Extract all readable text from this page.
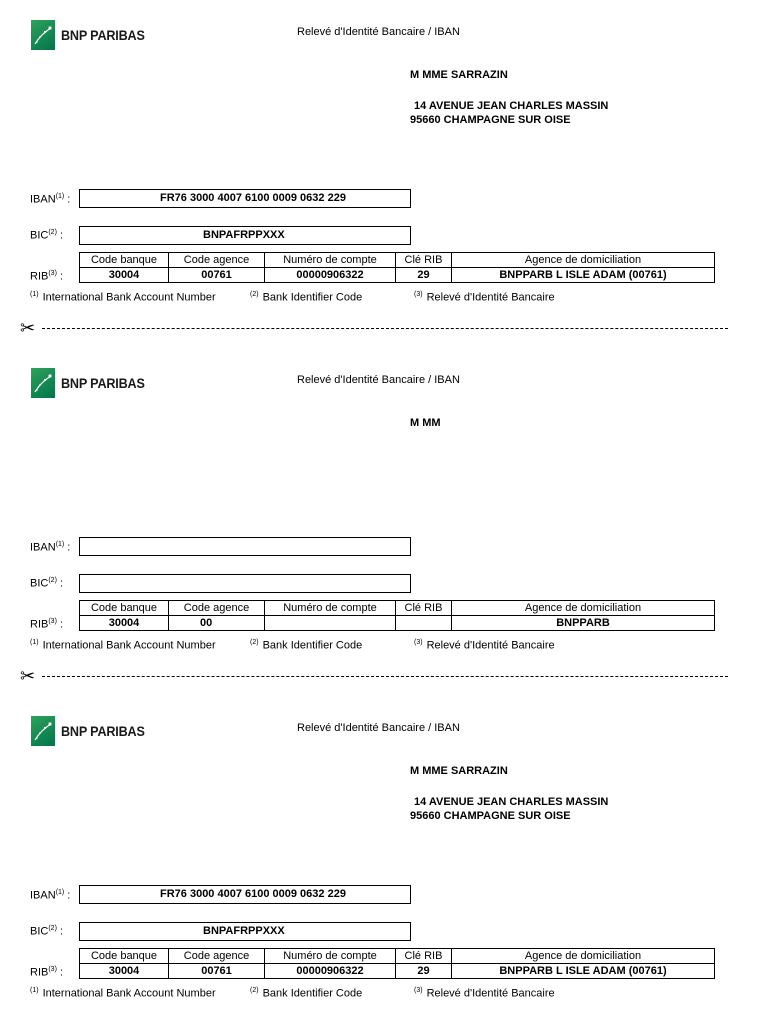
BNP PARIBAS	Relevé d'Identité Bancaire / IBAN
M MME SARRAZIN
14 AVENUE JEAN CHARLES MASSIN
95660 CHAMPAGNE SUR OISE
IBAN$^{(1)}$ :	FR76 3000 4007 6100 0009 0632 229
BIC$^{(2)}$ :	BNPAFRPPXXX
RIB$^{(3)}$ :
Code banque	Code agence	Numéro de compte	Clé RIB	Agence de domiciliation
30004	00761	00000906322	29	BNPPARB L ISLE ADAM (00761)
$^{(1)}$ International Bank Account Number	$^{(2)}$ Bank Identifier Code	$^{(3)}$ Relevé d'Identité Bancaire
✂
BNP PARIBAS	Relevé d'Identité Bancaire / IBAN
M MM
IBAN$^{(1)}$ :
BIC$^{(2)}$ :
RIB$^{(3)}$ :
Code banque	Code agence	Numéro de compte	Clé RIB	Agence de domiciliation
30004	00			BNPPARB
$^{(1)}$ International Bank Account Number	$^{(2)}$ Bank Identifier Code	$^{(3)}$ Relevé d'Identité Bancaire
✂
BNP PARIBAS	Relevé d'Identité Bancaire / IBAN
M MME SARRAZIN
14 AVENUE JEAN CHARLES MASSIN
95660 CHAMPAGNE SUR OISE
IBAN$^{(1)}$ :	FR76 3000 4007 6100 0009 0632 229
BIC$^{(2)}$ :	BNPAFRPPXXX
RIB$^{(3)}$ :
Code banque	Code agence	Numéro de compte	Clé RIB	Agence de domiciliation
30004	00761	00000906322	29	BNPPARB L ISLE ADAM (00761)
$^{(1)}$ International Bank Account Number	$^{(2)}$ Bank Identifier Code	$^{(3)}$ Relevé d'Identité Bancaire
